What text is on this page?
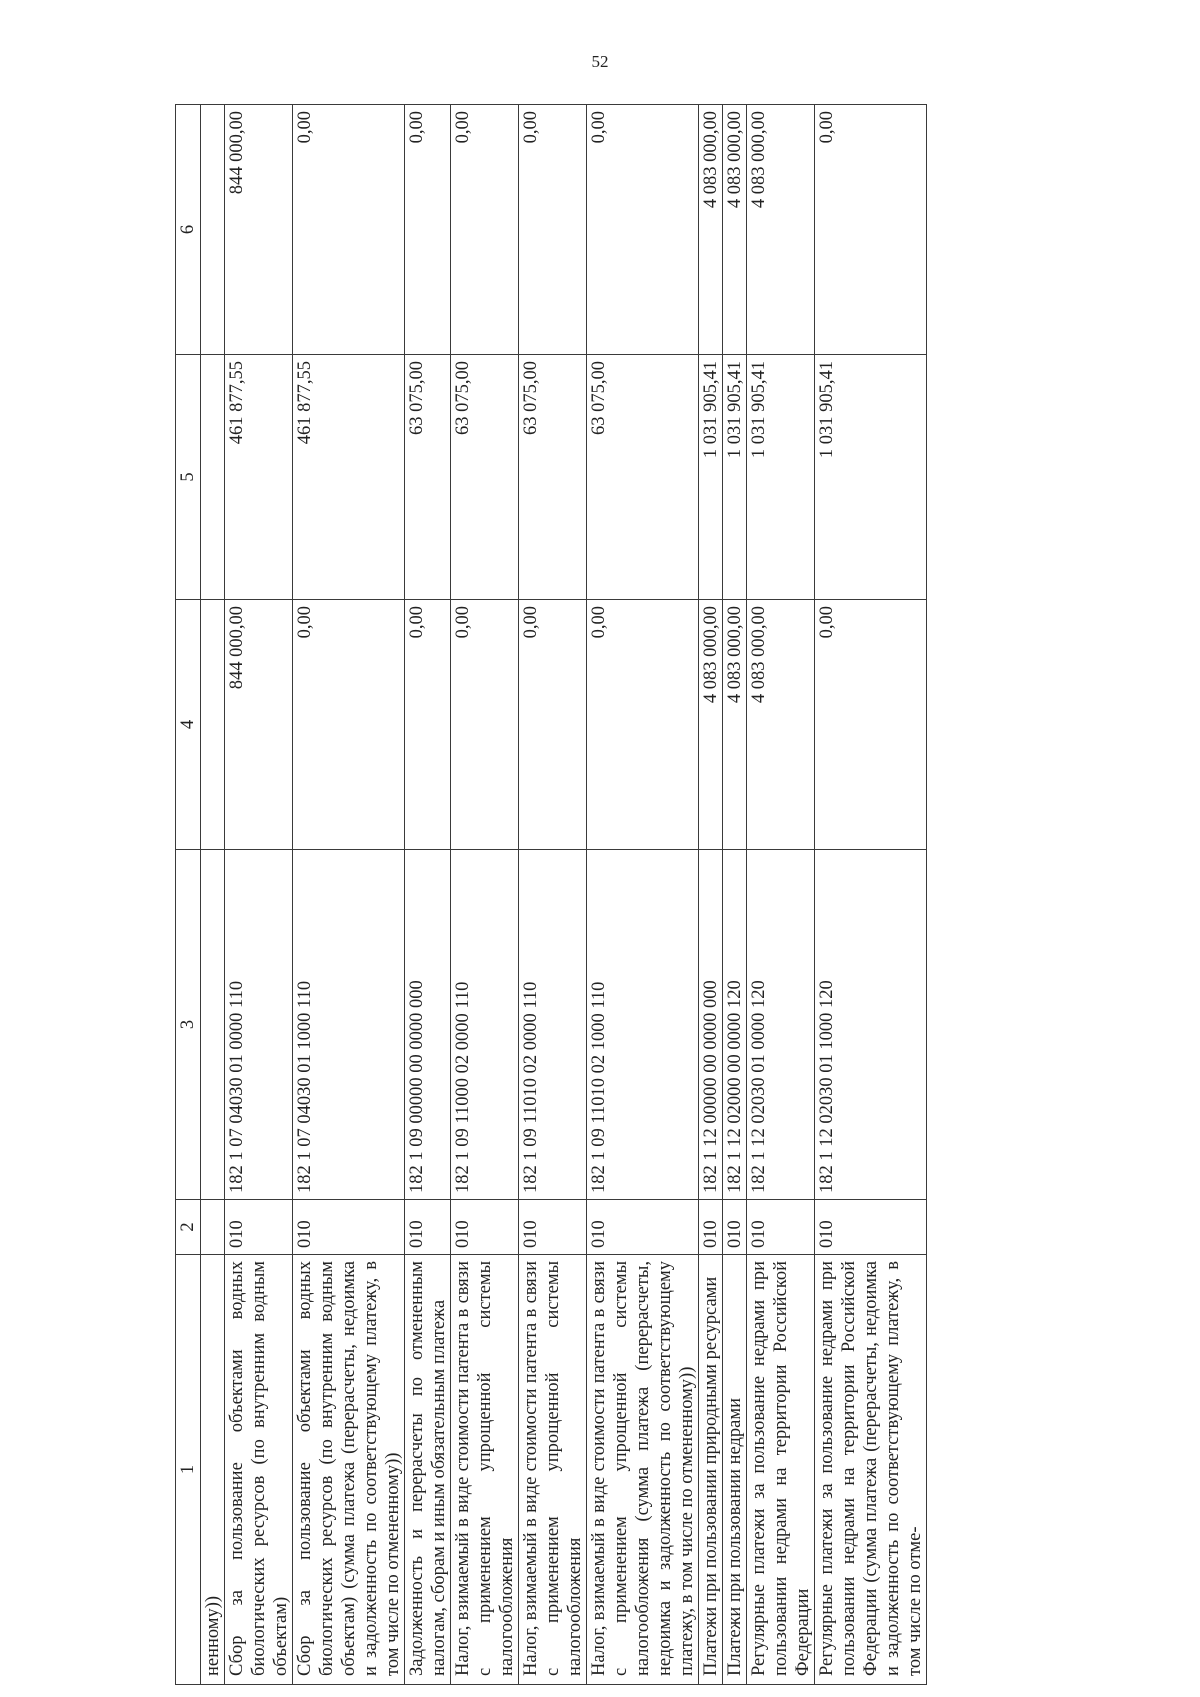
52
1	2	3	4	5	6
ненному))					
Сбор за пользование объектами водных биологических ресурсов (по внутренним водным объектам)	010	182 1 07 04030 01 0000 110	844 000,00	461 877,55	844 000,00
Сбор за пользование объектами водных биологических ресурсов (по внутренним водным объектам) (сумма платежа (перерасчеты, недоимка и задолженность по соответствующему платежу, в том числе по отмененному))	010	182 1 07 04030 01 1000 110	0,00	461 877,55	0,00
Задолженность и перерасчеты по отмененным налогам, сборам и иным обязательным платежа	010	182 1 09 00000 00 0000 000	0,00	63 075,00	0,00
Налог, взимаемый в виде стоимости патента в связи с применением упрощенной системы налогообложения	010	182 1 09 11000 02 0000 110	0,00	63 075,00	0,00
Налог, взимаемый в виде стоимости патента в связи с применением упрощенной системы налогообложения	010	182 1 09 11010 02 0000 110	0,00	63 075,00	0,00
Налог, взимаемый в виде стоимости патента в связи с применением упрощенной системы налогообложения (сумма платежа (перерасчеты, недоимка и задолженность по соответствующему платежу, в том числе по отмененному))	010	182 1 09 11010 02 1000 110	0,00	63 075,00	0,00
Платежи при пользовании природными ресурсами	010	182 1 12 00000 00 0000 000	4 083 000,00	1 031 905,41	4 083 000,00
Платежи при пользовании недрами	010	182 1 12 02000 00 0000 120	4 083 000,00	1 031 905,41	4 083 000,00
Регулярные платежи за пользование недрами при пользовании недрами на территории Российской Федерации	010	182 1 12 02030 01 0000 120	4 083 000,00	1 031 905,41	4 083 000,00
Регулярные платежи за пользование недрами при пользовании недрами на территории Российской Федерации (сумма платежа (перерасчеты, недоимка и задолженность по соответствующему платежу, в том числе по отме-	010	182 1 12 02030 01 1000 120	0,00	1 031 905,41	0,00
